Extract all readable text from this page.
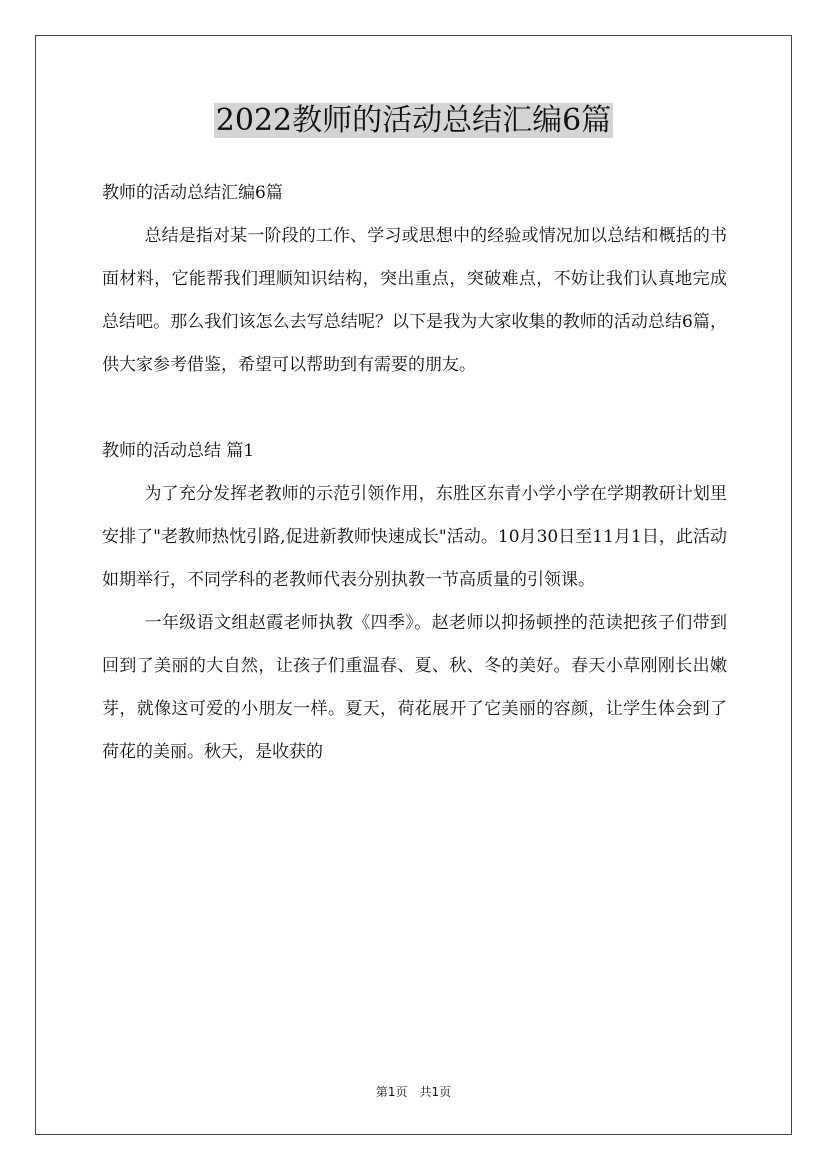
2022教师的活动总结汇编6篇

教师的活动总结汇编6篇

总结是指对某一阶段的工作、学习或思想中的经验或情况加以总结和概括的书面材料，它能帮我们理顺知识结构，突出重点，突破难点，不妨让我们认真地完成总结吧。那么我们该怎么去写总结呢？以下是我为大家收集的教师的活动总结6篇，供大家参考借鉴，希望可以帮助到有需要的朋友。

教师的活动总结 篇1

为了充分发挥老教师的示范引领作用，东胜区东青小学小学在学期教研计划里安排了"老教师热忱引路,促进新教师快速成长"活动。10月30日至11月1日，此活动如期举行，不同学科的老教师代表分别执教一节高质量的引领课。

一年级语文组赵霞老师执教《四季》。赵老师以抑扬顿挫的范读把孩子们带到回到了美丽的大自然，让孩子们重温春、夏、秋、冬的美好。春天小草刚刚长出嫩芽，就像这可爱的小朋友一样。夏天，荷花展开了它美丽的容颜，让学生体会到了荷花的美丽。秋天，是收获的

第1页 共1页
